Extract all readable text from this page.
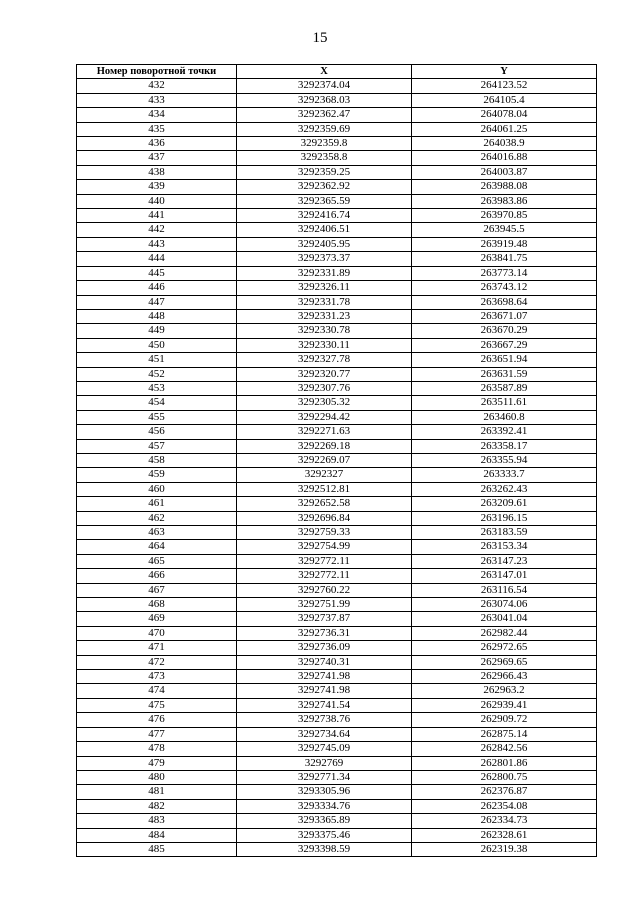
15
Номер поворотной точки	X	Y
432	3292374.04	264123.52
433	3292368.03	264105.4
434	3292362.47	264078.04
435	3292359.69	264061.25
436	3292359.8	264038.9
437	3292358.8	264016.88
438	3292359.25	264003.87
439	3292362.92	263988.08
440	3292365.59	263983.86
441	3292416.74	263970.85
442	3292406.51	263945.5
443	3292405.95	263919.48
444	3292373.37	263841.75
445	3292331.89	263773.14
446	3292326.11	263743.12
447	3292331.78	263698.64
448	3292331.23	263671.07
449	3292330.78	263670.29
450	3292330.11	263667.29
451	3292327.78	263651.94
452	3292320.77	263631.59
453	3292307.76	263587.89
454	3292305.32	263511.61
455	3292294.42	263460.8
456	3292271.63	263392.41
457	3292269.18	263358.17
458	3292269.07	263355.94
459	3292327	263333.7
460	3292512.81	263262.43
461	3292652.58	263209.61
462	3292696.84	263196.15
463	3292759.33	263183.59
464	3292754.99	263153.34
465	3292772.11	263147.23
466	3292772.11	263147.01
467	3292760.22	263116.54
468	3292751.99	263074.06
469	3292737.87	263041.04
470	3292736.31	262982.44
471	3292736.09	262972.65
472	3292740.31	262969.65
473	3292741.98	262966.43
474	3292741.98	262963.2
475	3292741.54	262939.41
476	3292738.76	262909.72
477	3292734.64	262875.14
478	3292745.09	262842.56
479	3292769	262801.86
480	3292771.34	262800.75
481	3293305.96	262376.87
482	3293334.76	262354.08
483	3293365.89	262334.73
484	3293375.46	262328.61
485	3293398.59	262319.38
